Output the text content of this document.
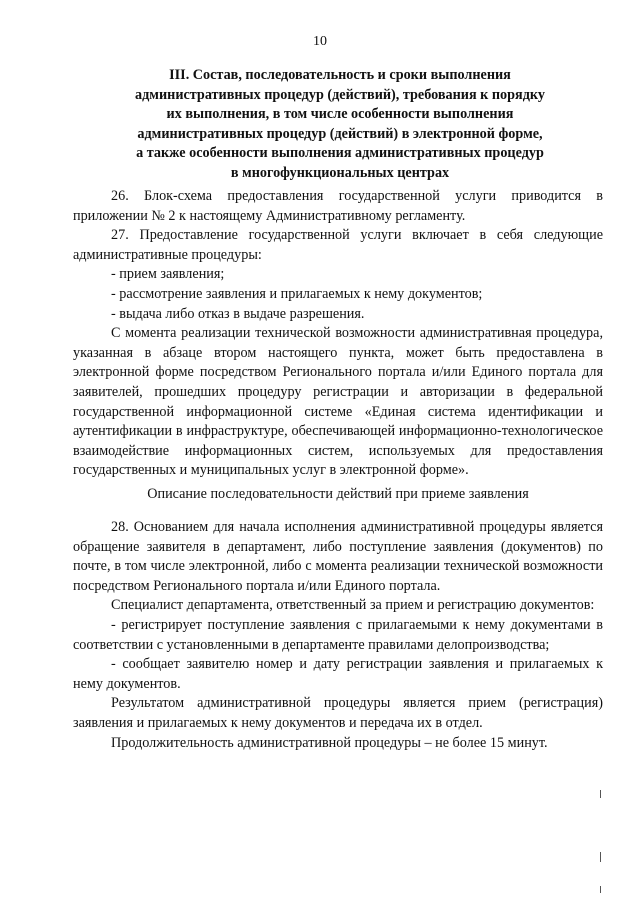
10
III. Состав, последовательность и сроки выполнения
административных процедур (действий), требования к порядку
их выполнения, в том числе особенности выполнения
административных процедур (действий) в электронной форме,
а также особенности выполнения административных процедур
в многофункциональных центрах

26. Блок-схема предоставления государственной услуги приводится в приложении № 2 к настоящему Административному регламенту.

27. Предоставление государственной услуги включает в себя следующие административные процедуры:

- прием заявления;

- рассмотрение заявления и прилагаемых к нему документов;

- выдача либо отказ в выдаче разрешения.

С момента реализации технической возможности административная процедура, указанная в абзаце втором настоящего пункта, может быть предоставлена в электронной форме посредством Регионального портала и/или Единого портала для заявителей, прошедших процедуру регистрации и авторизации в федеральной государственной информационной системе «Единая система идентификации и аутентификации в инфраструктуре, обеспечивающей информационно-технологическое взаимодействие информационных систем, используемых для предоставления государственных и муниципальных услуг в электронной форме».

Описание последовательности действий при приеме заявления

28. Основанием для начала исполнения административной процедуры является обращение заявителя в департамент, либо поступление заявления (документов) по почте, в том числе электронной, либо с момента реализации технической возможности посредством Регионального портала и/или Единого портала.

Специалист департамента, ответственный за прием и регистрацию документов:

- регистрирует поступление заявления с прилагаемыми к нему документами в соответствии с установленными в департаменте правилами делопроизводства;

- сообщает заявителю номер и дату регистрации заявления и прилагаемых к нему документов.

Результатом административной процедуры является прием (регистрация) заявления и прилагаемых к нему документов и передача их в отдел.

Продолжительность административной процедуры – не более 15 минут.
